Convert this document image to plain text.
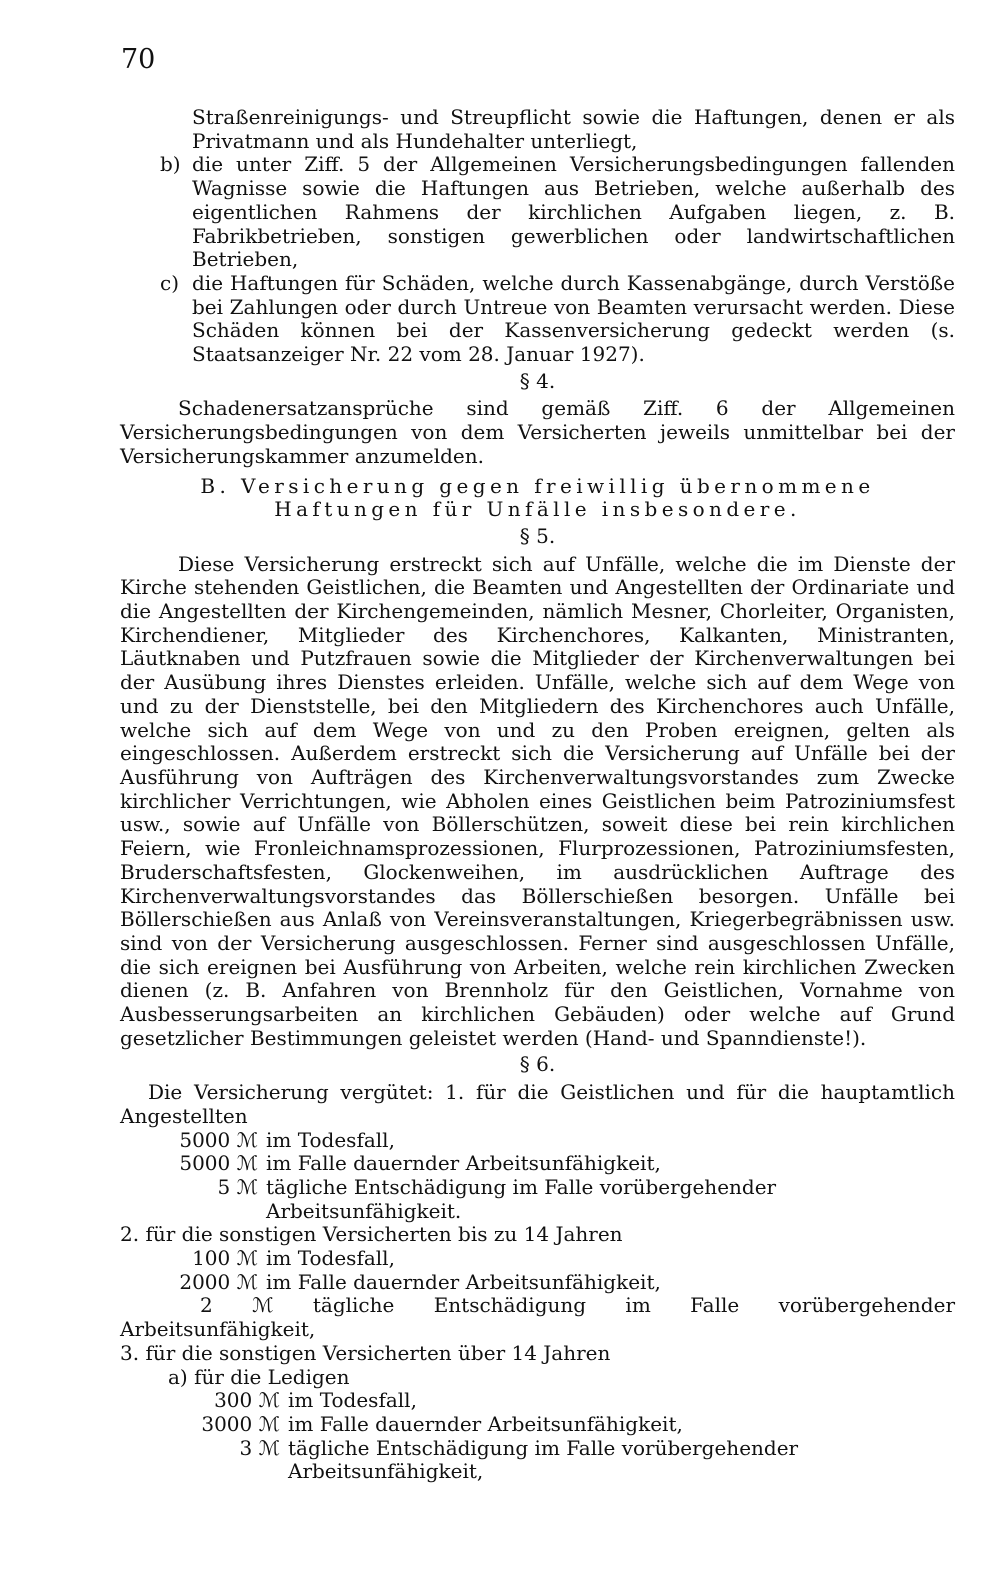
70

Straßenreinigungs- und Streupflicht sowie die Haftungen, denen er als Privatmann und als Hundehalter unterliegt,

b) die unter Ziff. 5 der Allgemeinen Versicherungsbedingungen fallenden Wagnisse sowie die Haftungen aus Betrieben, welche außerhalb des eigentlichen Rahmens der kirchlichen Aufgaben liegen, z. B. Fabrikbetrieben, sonstigen gewerblichen oder landwirtschaftlichen Betrieben,
c) die Haftungen für Schäden, welche durch Kassenabgänge, durch Verstöße bei Zahlungen oder durch Untreue von Beamten verursacht werden. Diese Schäden können bei der Kassenversicherung gedeckt werden (s. Staatsanzeiger Nr. 22 vom 28. Januar 1927).
§ 4.

Schadenersatzansprüche sind gemäß Ziff. 6 der Allgemeinen Versicherungsbedingungen von dem Versicherten jeweils unmittelbar bei der Versicherungskammer anzumelden.

B. Versicherung gegen freiwillig übernommene
Haftungen für Unfälle insbesondere.
§ 5.

Diese Versicherung erstreckt sich auf Unfälle, welche die im Dienste der Kirche stehenden Geistlichen, die Beamten und Angestellten der Ordinariate und die Angestellten der Kirchengemeinden, nämlich Mesner, Chorleiter, Organisten, Kirchendiener, Mitglieder des Kirchenchores, Kalkanten, Ministranten, Läutknaben und Putzfrauen sowie die Mitglieder der Kirchenverwaltungen bei der Ausübung ihres Dienstes erleiden. Unfälle, welche sich auf dem Wege von und zu der Dienststelle, bei den Mitgliedern des Kirchenchores auch Unfälle, welche sich auf dem Wege von und zu den Proben ereignen, gelten als eingeschlossen. Außerdem erstreckt sich die Versicherung auf Unfälle bei der Ausführung von Aufträgen des Kirchenverwaltungsvorstandes zum Zwecke kirchlicher Verrichtungen, wie Abholen eines Geistlichen beim Patroziniumsfest usw., sowie auf Unfälle von Böllerschützen, soweit diese bei rein kirchlichen Feiern, wie Fronleichnamsprozessionen, Flurprozessionen, Patroziniumsfesten, Bruderschaftsfesten, Glockenweihen, im ausdrücklichen Auftrage des Kirchenverwaltungsvorstandes das Böllerschießen besorgen. Unfälle bei Böllerschießen aus Anlaß von Vereinsveranstaltungen, Kriegerbegräbnissen usw. sind von der Versicherung ausgeschlossen. Ferner sind ausgeschlossen Unfälle, die sich ereignen bei Ausführung von Arbeiten, welche rein kirchlichen Zwecken dienen (z. B. Anfahren von Brennholz für den Geistlichen, Vornahme von Ausbesserungsarbeiten an kirchlichen Gebäuden) oder welche auf Grund gesetzlicher Bestimmungen geleistet werden (Hand- und Spanndienste!).

§ 6.

Die Versicherung vergütet: 1. für die Geistlichen und für die hauptamtlich Angestellten

5000 ℳ im Todesfall,
5000 ℳ im Falle dauernder Arbeitsunfähigkeit,
5 ℳ tägliche Entschädigung im Falle vorübergehender Arbeitsunfähigkeit.
2. für die sonstigen Versicherten bis zu 14 Jahren
100 ℳ im Todesfall,
2000 ℳ im Falle dauernder Arbeitsunfähigkeit,

2 ℳ tägliche Entschädigung im Falle vorübergehender Arbeitsunfähigkeit,

3. für die sonstigen Versicherten über 14 Jahren
a) für die Ledigen
300 ℳ im Todesfall,
3000 ℳ im Falle dauernder Arbeitsunfähigkeit,
3 ℳ tägliche Entschädigung im Falle vorübergehender Arbeitsunfähigkeit,
